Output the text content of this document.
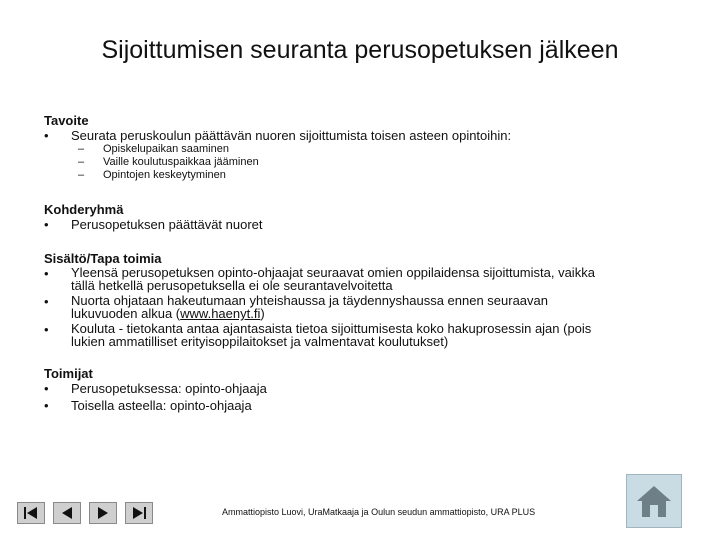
Sijoittumisen seuranta perusopetuksen jälkeen
Tavoite
• Seurata peruskoulun päättävän nuoren sijoittumista toisen asteen opintoihin:
– Opiskelupaikan saaminen
– Vaille koulutuspaikkaa jääminen
– Opintojen keskeytyminen
Kohderyhmä
• Perusopetuksen päättävät nuoret
Sisältö/Tapa toimia
• Yleensä perusopetuksen opinto-ohjaajat seuraavat omien oppilaidensa sijoittumista, vaikka
tällä hetkellä perusopetuksella ei ole seurantavelvoitetta
• Nuorta ohjataan hakeutumaan yhteishaussa ja täydennyshaussa ennen seuraavan
lukuvuoden alkua (www.haenyt.fi)
• Kouluta - tietokanta antaa ajantasaista tietoa sijoittumisesta koko hakuprosessin ajan (pois
lukien ammatilliset erityisoppilaitokset ja valmentavat koulutukset)
Toimijat
• Perusopetuksessa: opinto-ohjaaja
• Toisella asteella: opinto-ohjaaja
Ammattiopisto Luovi, UraMatkaaja ja Oulun seudun ammattiopisto, URA PLUS
